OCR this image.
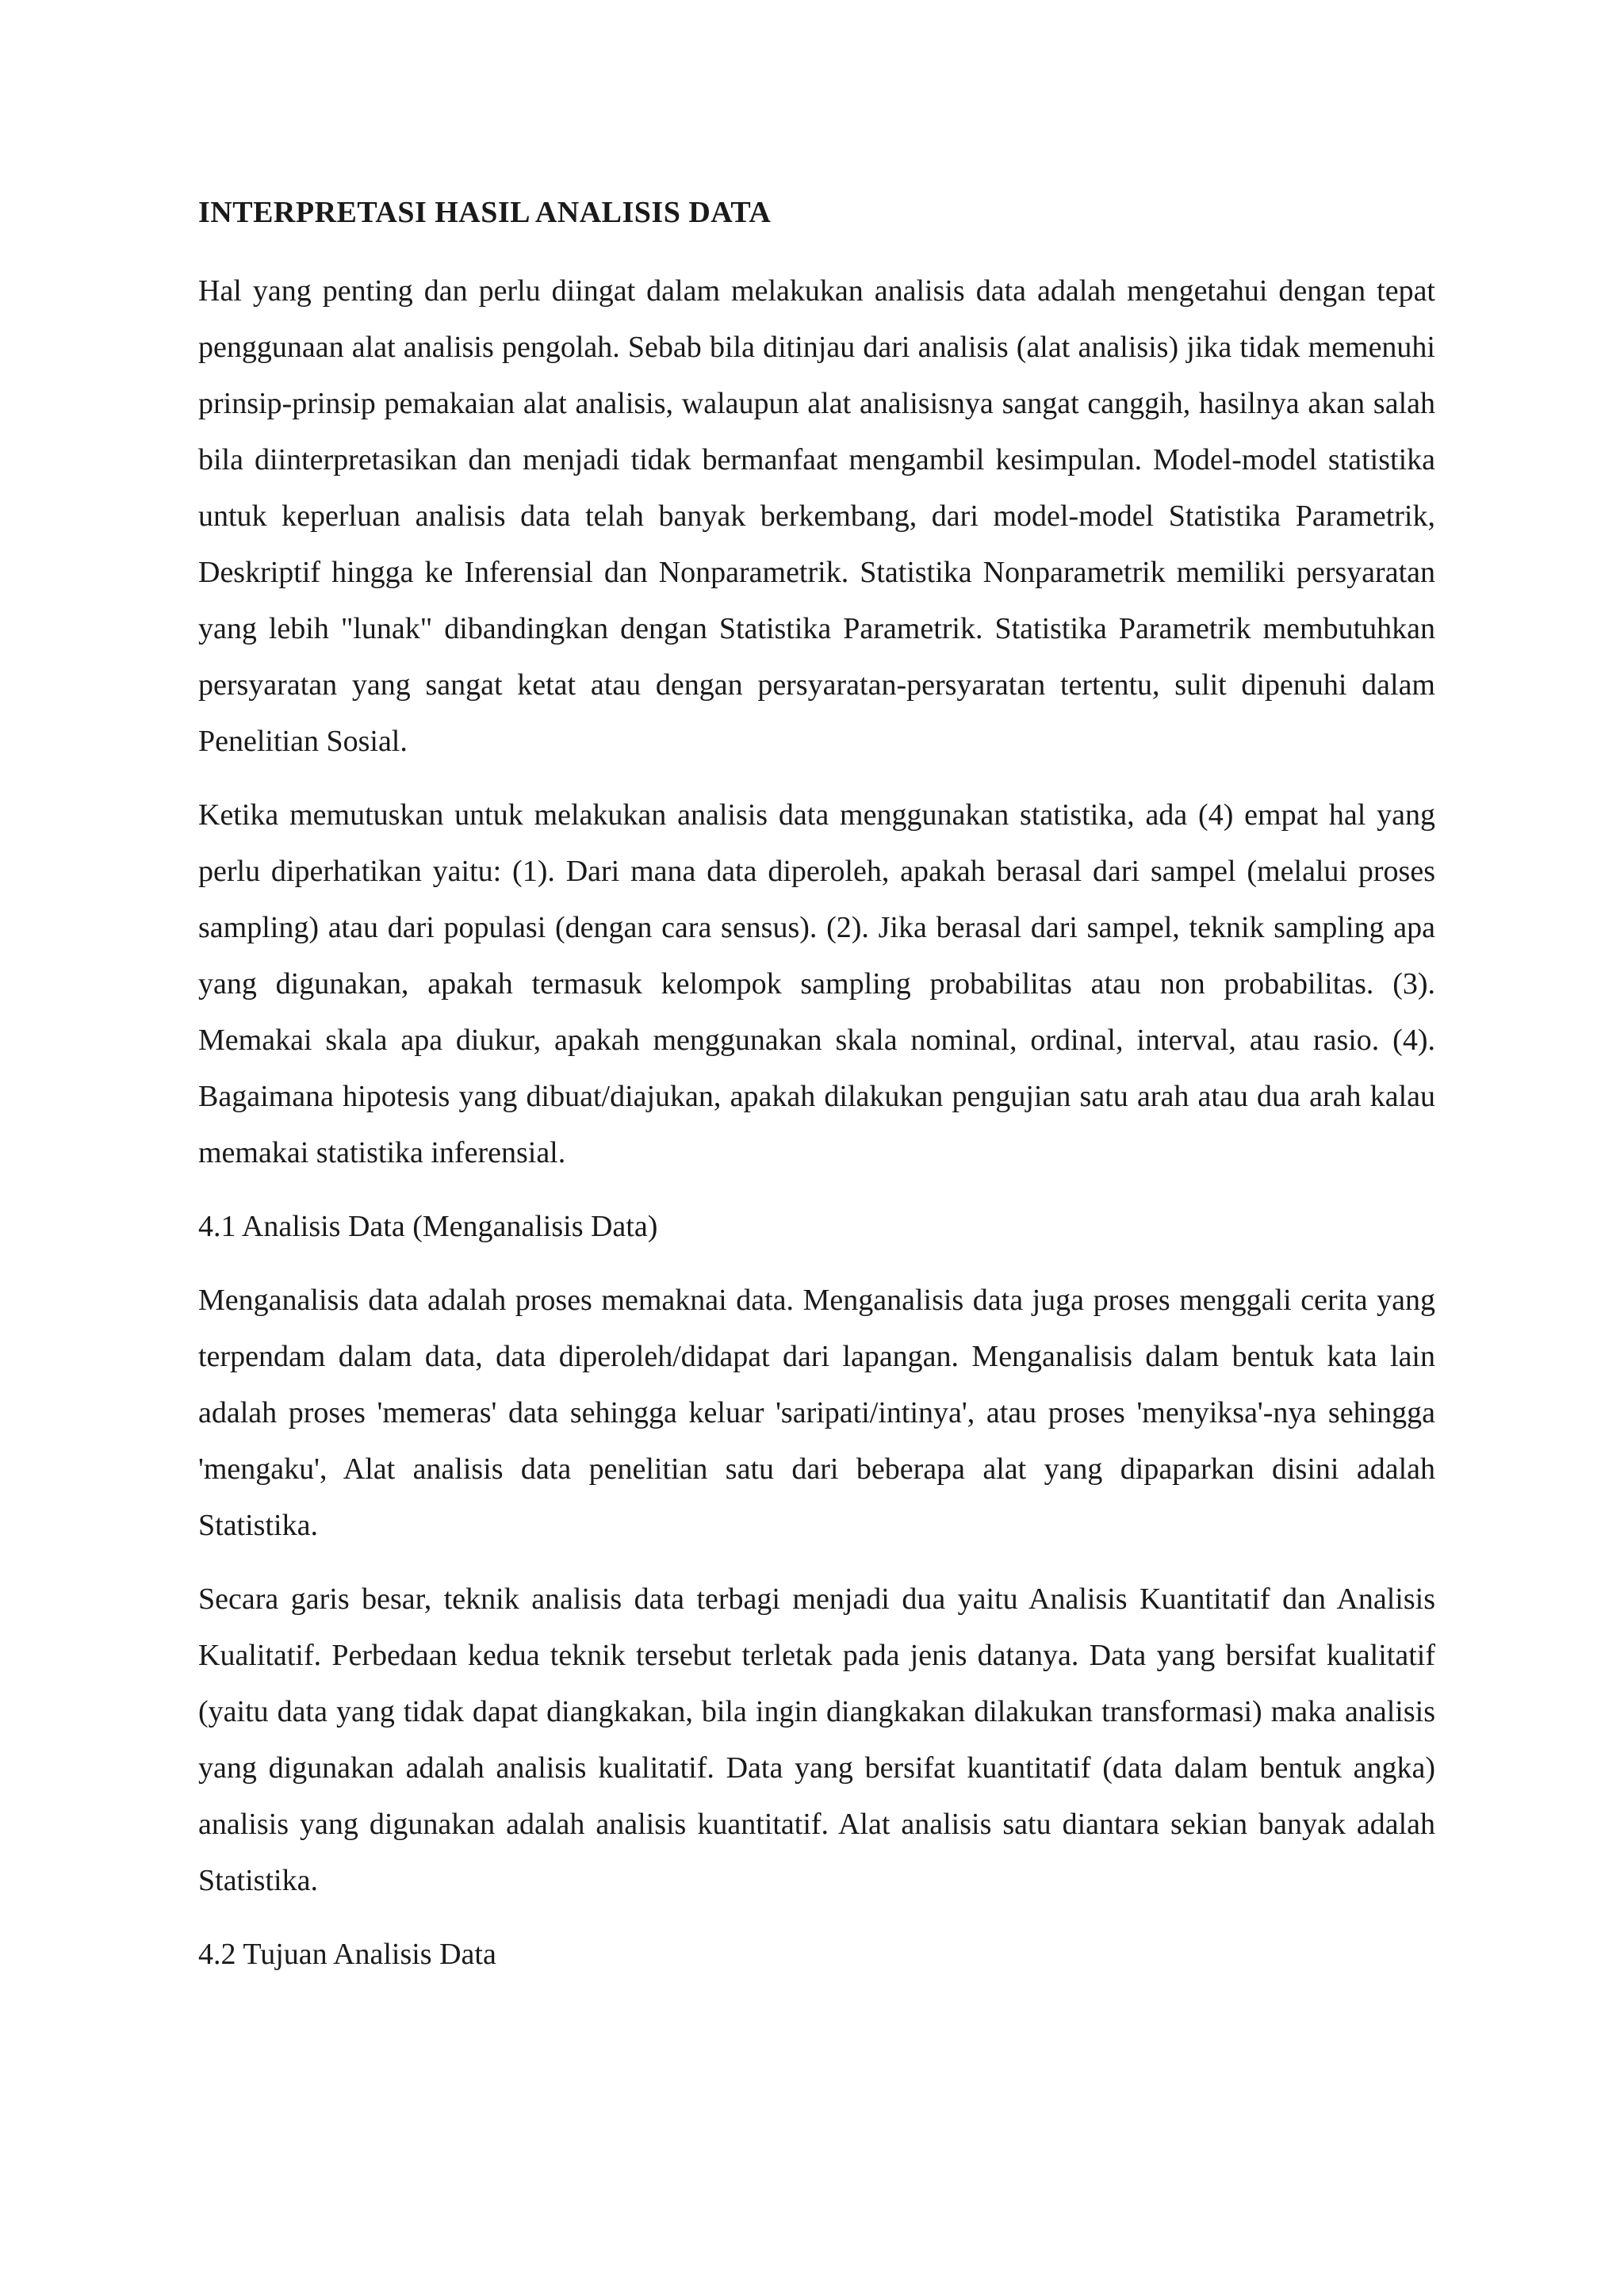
INTERPRETASI HASIL ANALISIS DATA

Hal yang penting dan perlu diingat dalam melakukan analisis data adalah mengetahui dengan tepat penggunaan alat analisis pengolah. Sebab bila ditinjau dari analisis (alat analisis) jika tidak memenuhi prinsip-prinsip pemakaian alat analisis, walaupun alat analisisnya sangat canggih, hasilnya akan salah bila diinterpretasikan dan menjadi tidak bermanfaat mengambil kesimpulan. Model-model statistika untuk keperluan analisis data telah banyak berkembang, dari model-model Statistika Parametrik, Deskriptif hingga ke Inferensial dan Nonparametrik. Statistika Nonparametrik memiliki persyaratan yang lebih "lunak" dibandingkan dengan Statistika Parametrik. Statistika Parametrik membutuhkan persyaratan yang sangat ketat atau dengan persyaratan-persyaratan tertentu, sulit dipenuhi dalam Penelitian Sosial.

Ketika memutuskan untuk melakukan analisis data menggunakan statistika, ada (4) empat hal yang perlu diperhatikan yaitu: (1). Dari mana data diperoleh, apakah berasal dari sampel (melalui proses sampling) atau dari populasi (dengan cara sensus). (2). Jika berasal dari sampel, teknik sampling apa yang digunakan, apakah termasuk kelompok sampling probabilitas atau non probabilitas. (3). Memakai skala apa diukur, apakah menggunakan skala nominal, ordinal, interval, atau rasio. (4). Bagaimana hipotesis yang dibuat/diajukan, apakah dilakukan pengujian satu arah atau dua arah kalau memakai statistika inferensial.

4.1 Analisis Data (Menganalisis Data)

Menganalisis data adalah proses memaknai data. Menganalisis data juga proses menggali cerita yang terpendam dalam data, data diperoleh/didapat dari lapangan. Menganalisis dalam bentuk kata lain adalah proses 'memeras' data sehingga keluar 'saripati/intinya', atau proses 'menyiksa'-nya sehingga 'mengaku', Alat analisis data penelitian satu dari beberapa alat yang dipaparkan disini adalah Statistika.

Secara garis besar, teknik analisis data terbagi menjadi dua yaitu Analisis Kuantitatif dan Analisis Kualitatif. Perbedaan kedua teknik tersebut terletak pada jenis datanya. Data yang bersifat kualitatif (yaitu data yang tidak dapat diangkakan, bila ingin diangkakan dilakukan transformasi) maka analisis yang digunakan adalah analisis kualitatif. Data yang bersifat kuantitatif (data dalam bentuk angka) analisis yang digunakan adalah analisis kuantitatif. Alat analisis satu diantara sekian banyak adalah Statistika.

4.2 Tujuan Analisis Data
